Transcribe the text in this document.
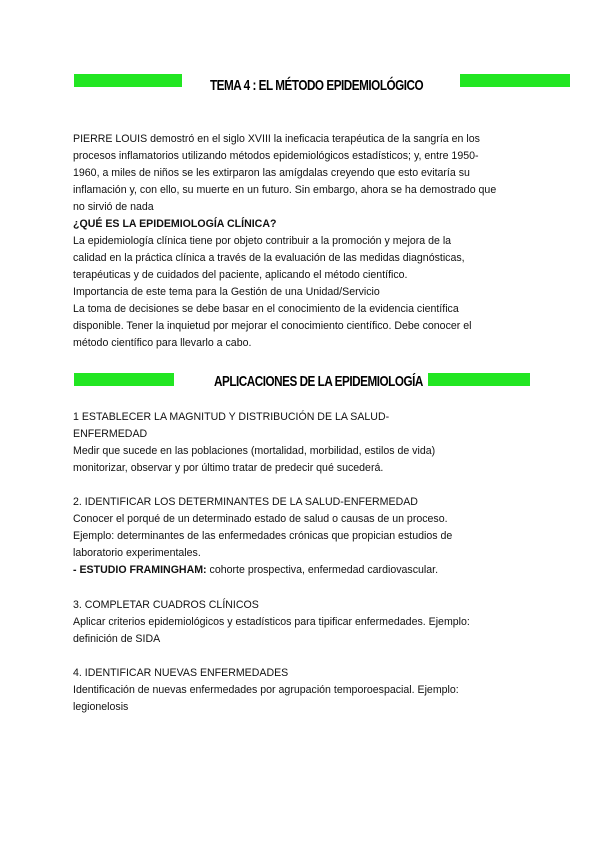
TEMA 4 : EL MÉTODO EPIDEMIOLÓGICO
PIERRE LOUIS demostró en el siglo XVIII la ineficacia terapéutica de la sangría en los
procesos inflamatorios utilizando métodos epidemiológicos estadísticos; y, entre 1950-
1960, a miles de niños se les extirparon las amígdalas creyendo que esto evitaría su
inflamación y, con ello, su muerte en un futuro. Sin embargo, ahora se ha demostrado que
no sirvió de nada
¿QUÉ ES LA EPIDEMIOLOGÍA CLÍNICA?
La epidemiología clínica tiene por objeto contribuir a la promoción y mejora de la
calidad en la práctica clínica a través de la evaluación de las medidas diagnósticas,
terapéuticas y de cuidados del paciente, aplicando el método científico.
Importancia de este tema para la Gestión de una Unidad/Servicio
La toma de decisiones se debe basar en el conocimiento de la evidencia científica
disponible. Tener la inquietud por mejorar el conocimiento científico. Debe conocer el
método científico para llevarlo a cabo.
APLICACIONES DE LA EPIDEMIOLOGÍA
1 ESTABLECER LA MAGNITUD Y DISTRIBUCIÓN DE LA SALUD-
ENFERMEDAD
Medir que sucede en las poblaciones (mortalidad, morbilidad, estilos de vida)
monitorizar, observar y por último tratar de predecir qué sucederá.
2. IDENTIFICAR LOS DETERMINANTES DE LA SALUD-ENFERMEDAD
Conocer el porqué de un determinado estado de salud o causas de un proceso.
Ejemplo: determinantes de las enfermedades crónicas que propician estudios de
laboratorio experimentales.
- ESTUDIO FRAMINGHAM: cohorte prospectiva, enfermedad cardiovascular.
3. COMPLETAR CUADROS CLÍNICOS
Aplicar criterios epidemiológicos y estadísticos para tipificar enfermedades. Ejemplo:
definición de SIDA
4. IDENTIFICAR NUEVAS ENFERMEDADES
Identificación de nuevas enfermedades por agrupación temporoespacial. Ejemplo:
legionelosis
